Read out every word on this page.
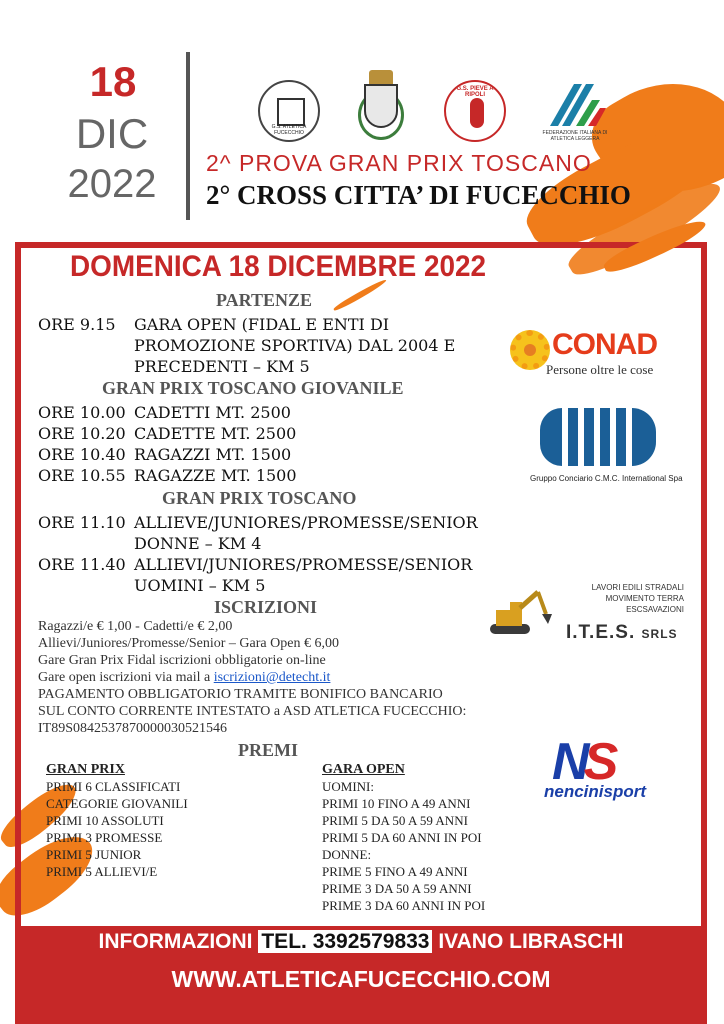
18
DIC
2022
G.S. ATLETICA FUCECCHIO
G.S. PIEVE A RIPOLI
FEDERAZIONE ITALIANA DI ATLETICA LEGGERA
2^ PROVA GRAN PRIX TOSCANO
2° CROSS CITTA’ DI FUCECCHIO
DOMENICA 18 DICEMBRE 2022
PARTENZE
ORE 9.15 GARA OPEN (FIDAL E ENTI DI
PROMOZIONE SPORTIVA) DAL 2004 E
PRECEDENTI – KM 5
GRAN PRIX TOSCANO GIOVANILE
ORE 10.00 CADETTI MT. 2500
ORE 10.20 CADETTE MT. 2500
ORE 10.40 RAGAZZI MT. 1500
ORE 10.55 RAGAZZE MT. 1500
GRAN PRIX TOSCANO
ORE 11.10 ALLIEVE/JUNIORES/PROMESSE/SENIOR
DONNE – KM 4
ORE 11.40 ALLIEVI/JUNIORES/PROMESSE/SENIOR
UOMINI – KM 5
ISCRIZIONI
Ragazzi/e € 1,00 - Cadetti/e € 2,00
Allievi/Juniores/Promesse/Senior – Gara Open € 6,00
Gare Gran Prix Fidal iscrizioni obbligatorie on-line
Gare open iscrizioni via mail a iscrizioni@detecht.it
PAGAMENTO OBBLIGATORIO TRAMITE BONIFICO BANCARIO
SUL CONTO CORRENTE INTESTATO a ASD ATLETICA FUCECCHIO:
IT89S0842537870000030521546
PREMI
GRAN PRIX
PRIMI 6 CLASSIFICATI
CATEGORIE GIOVANILI
PRIMI 10 ASSOLUTI
PRIMI 3 PROMESSE
PRIMI 5 JUNIOR
PRIMI 5 ALLIEVI/E
GARA OPEN
UOMINI:
PRIMI 10 FINO A 49 ANNI
PRIMI 5 DA 50 A 59 ANNI
PRIMI 5 DA 60 ANNI IN POI
DONNE:
PRIME 5 FINO A 49 ANNI
PRIME 3 DA 50 A 59 ANNI
PRIME 3 DA 60 ANNI IN POI
CONAD
Persone oltre le cose
Gruppo Conciario C.M.C. International Spa
LAVORI EDILI STRADALI
MOVIMENTO TERRA
ESCSAVAZIONI
I.T.E.S. SRLS
NS
nencinisport
INFORMAZIONI TEL. 3392579833 IVANO LIBRASCHI
WWW.ATLETICAFUCECCHIO.COM
